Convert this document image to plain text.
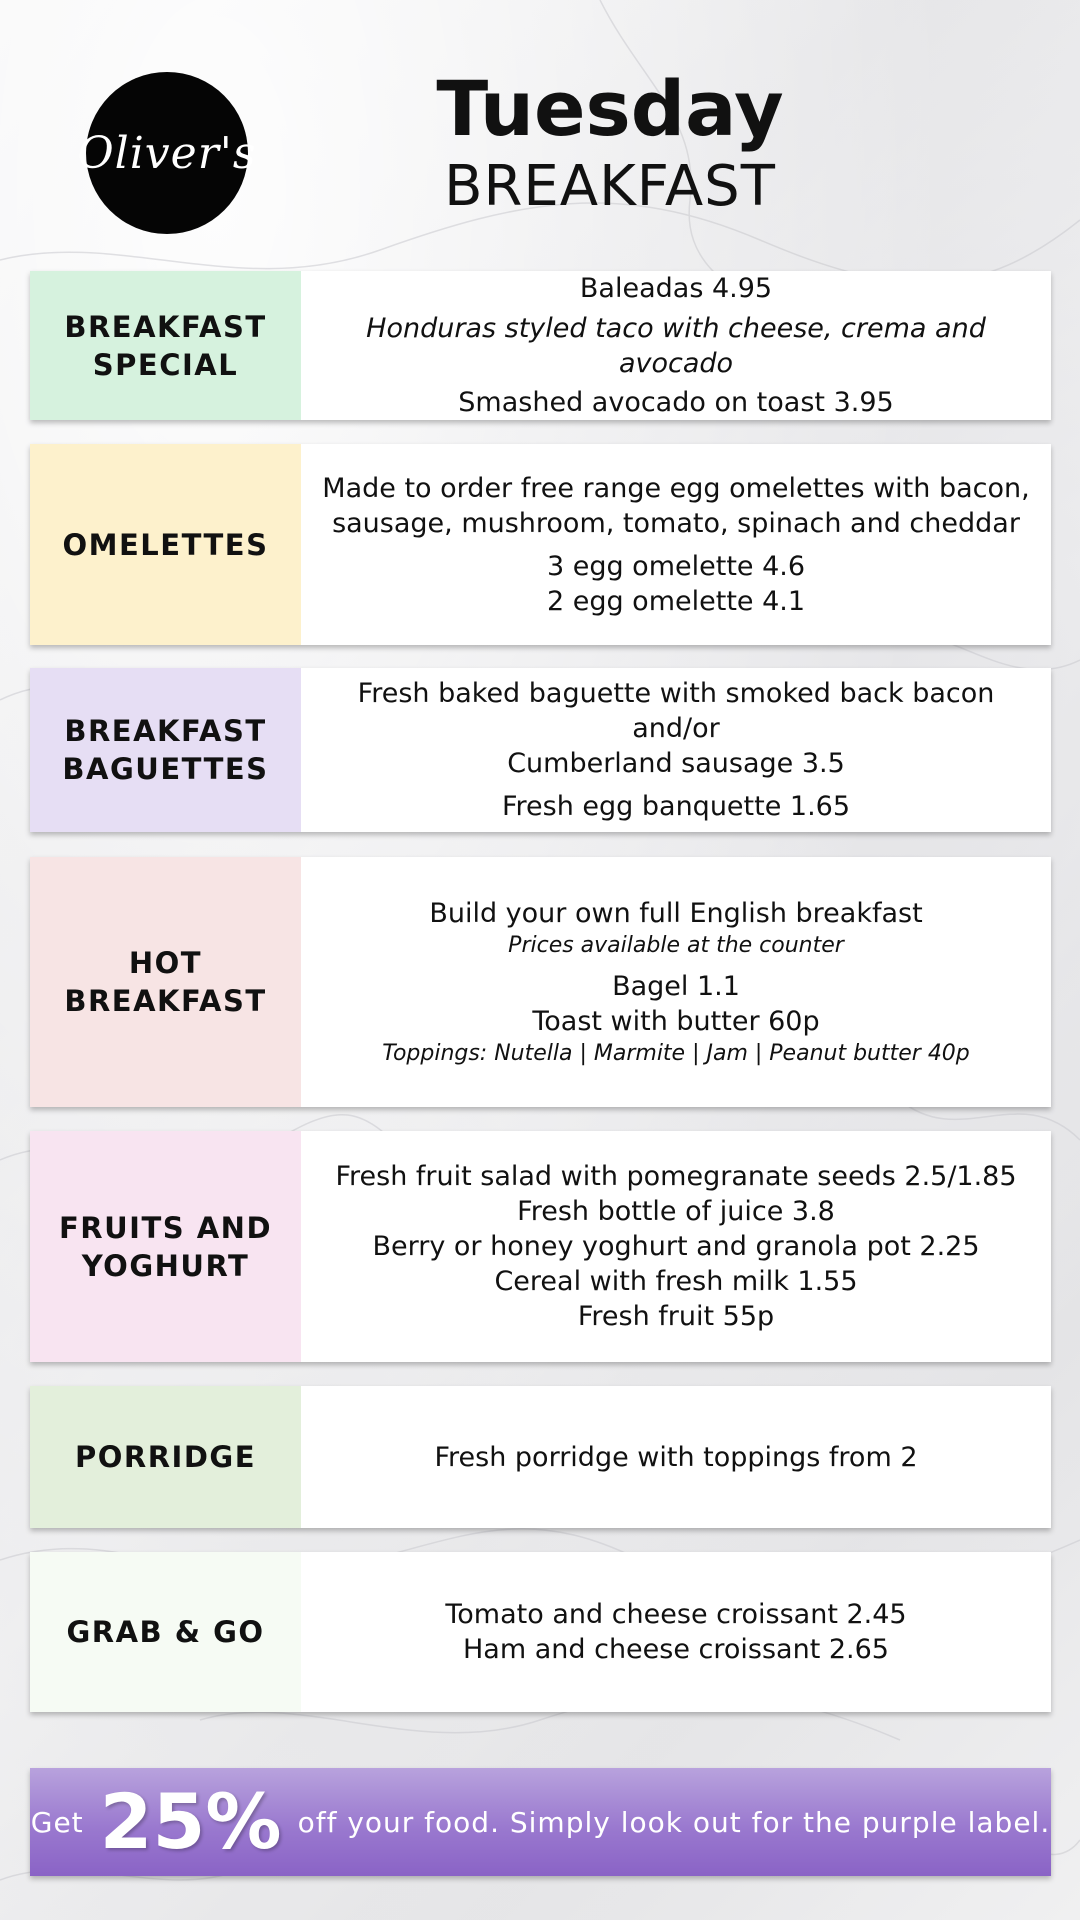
Oliver's	Tuesday
BREAKFAST
BREAKFAST
SPECIAL
Baleadas 4.95
Honduras styled taco with cheese, crema and avocado
Smashed avocado on toast 3.95
OMELETTES
Made to order free range egg omelettes with bacon,
sausage, mushroom, tomato, spinach and cheddar
3 egg omelette 4.6
2 egg omelette 4.1
BREAKFAST
BAGUETTES
Fresh baked baguette with smoked back bacon and/or
Cumberland sausage 3.5
Fresh egg banquette 1.65
HOT
BREAKFAST
Build your own full English breakfast
Prices available at the counter
Bagel 1.1
Toast with butter 60p
Toppings: Nutella | Marmite | Jam | Peanut butter 40p
FRUITS AND
YOGHURT
Fresh fruit salad with pomegranate seeds 2.5/1.85
Fresh bottle of juice 3.8
Berry or honey yoghurt and granola pot 2.25
Cereal with fresh milk 1.55
Fresh fruit 55p
PORRIDGE	Fresh porridge with toppings from 2
GRAB & GO
Tomato and cheese croissant 2.45
Ham and cheese croissant 2.65
Get 25% off your food. Simply look out for the purple label.
